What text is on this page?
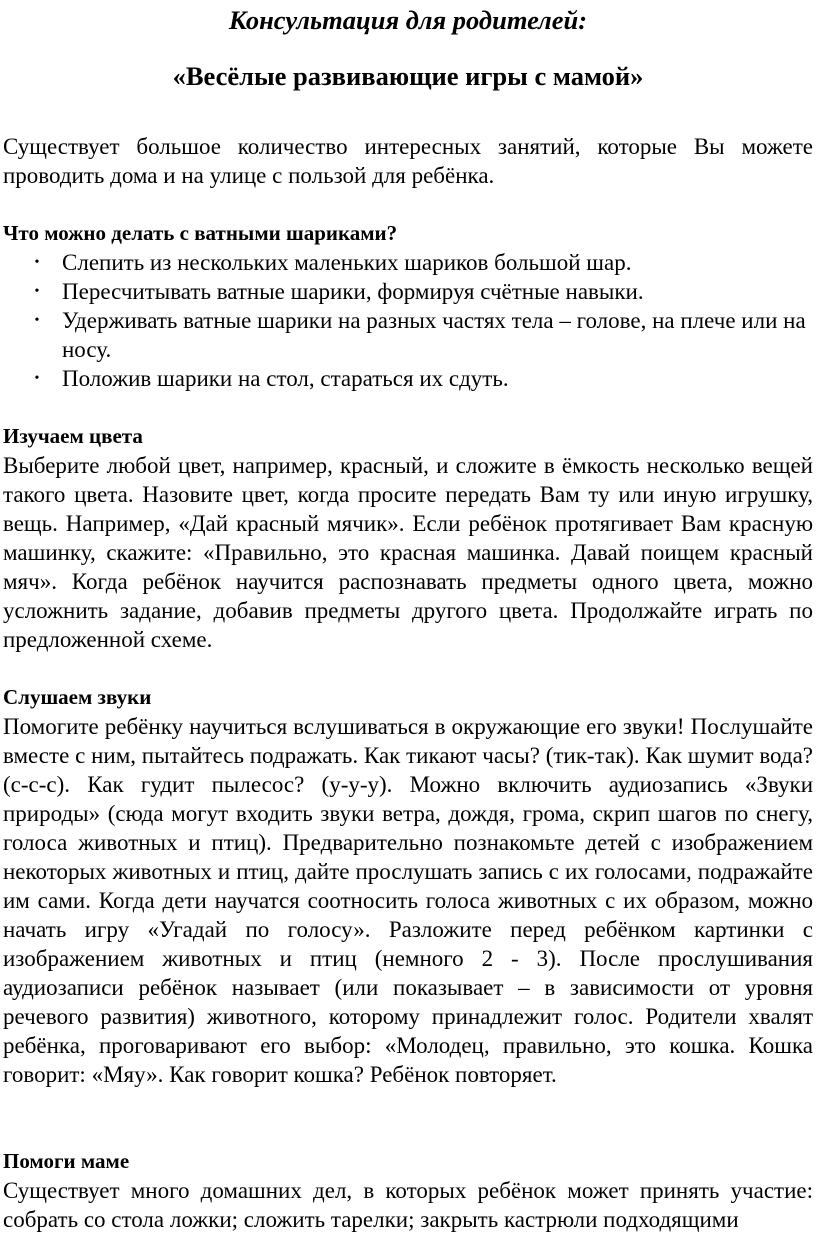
Консультация для родителей:
«Весёлые развивающие игры с мамой»

Существует большое количество интересных занятий, которые Вы можете проводить дома и на улице с пользой для ребёнка.

Что можно делать с ватными шариками?

• Слепить из нескольких маленьких шариков большой шар.
• Пересчитывать ватные шарики, формируя счётные навыки.
• Удерживать ватные шарики на разных частях тела – голове, на плече или на носу.
• Положив шарики на стол, стараться их сдуть.

Изучаем цвета

Выберите любой цвет, например, красный, и сложите в ёмкость несколько вещей такого цвета. Назовите цвет, когда просите передать Вам ту или иную игрушку, вещь. Например, «Дай красный мячик». Если ребёнок протягивает Вам красную машинку, скажите: «Правильно, это красная машинка. Давай поищем красный мяч». Когда ребёнок научится распознавать предметы одного цвета, можно усложнить задание, добавив предметы другого цвета. Продолжайте играть по предложенной схеме.

Слушаем звуки

Помогите ребёнку научиться вслушиваться в окружающие его звуки! Послушайте вместе с ним, пытайтесь подражать. Как тикают часы? (тик-так). Как шумит вода? (с-с-с). Как гудит пылесос? (у-у-у). Можно включить аудиозапись «Звуки природы» (сюда могут входить звуки ветра, дождя, грома, скрип шагов по снегу, голоса животных и птиц). Предварительно познакомьте детей с изображением некоторых животных и птиц, дайте прослушать запись с их голосами, подражайте им сами. Когда дети научатся соотносить голоса животных с их образом, можно начать игру «Угадай по голосу». Разложите перед ребёнком картинки с изображением животных и птиц (немного 2 - 3). После прослушивания аудиозаписи ребёнок называет (или показывает – в зависимости от уровня речевого развития) животного, которому принадлежит голос. Родители хвалят ребёнка, проговаривают его выбор: «Молодец, правильно, это кошка. Кошка говорит: «Мяу». Как говорит кошка? Ребёнок повторяет.

Помоги маме

Существует много домашних дел, в которых ребёнок может принять участие: собрать со стола ложки; сложить тарелки; закрыть кастрюли подходящими
